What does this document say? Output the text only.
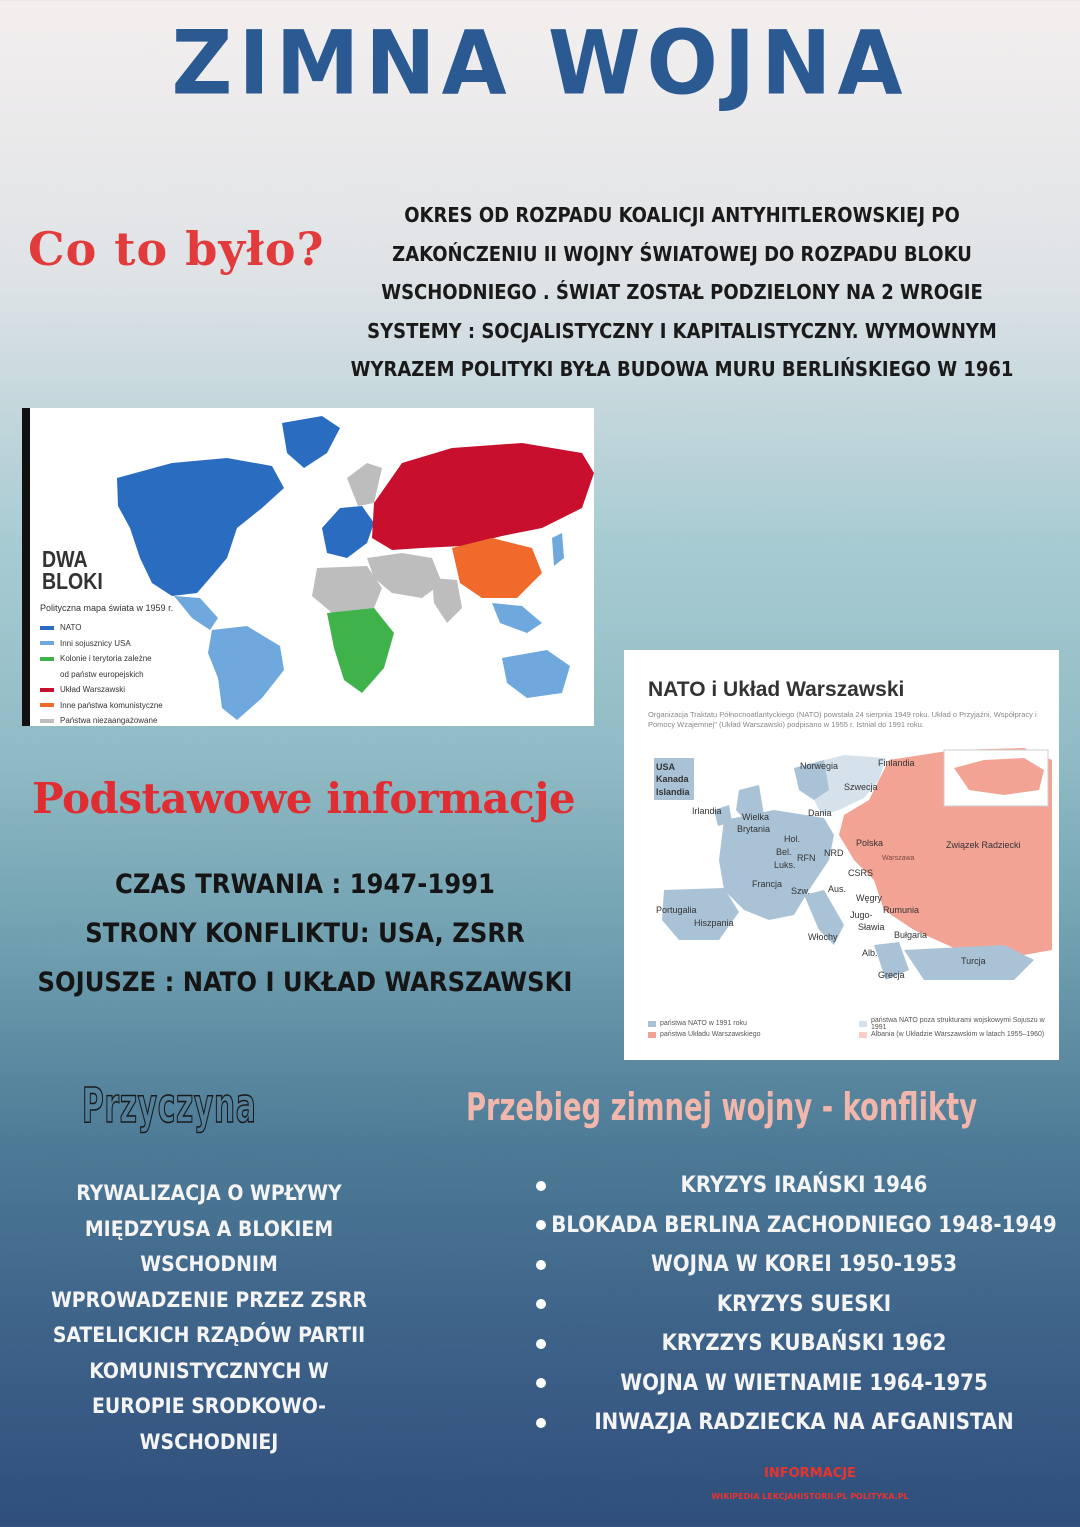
ZIMNA WOJNA
Co to było?
OKRES OD ROZPADU KOALICJI ANTYHITLEROWSKIEJ PO
ZAKOŃCZENIU II WOJNY ŚWIATOWEJ DO ROZPADU BLOKU
WSCHODNIEGO . ŚWIAT ZOSTAŁ PODZIELONY NA 2 WROGIE
SYSTEMY : SOCJALISTYCZNY I KAPITALISTYCZNY. WYMOWNYM
WYRAZEM POLITYKI BYŁA BUDOWA MURU BERLIŃSKIEGO W 1961
DWA
BLOKI
Polityczna mapa świata w 1959 r.
NATO
Inni sojusznicy USA
Kolonie i terytoria zależne
od państw europejskich
Układ Warszawski
Inne państwa komunistyczne
Państwa niezaangażowane
NATO i Układ Warszawski
Organizacja Traktatu Północnoatlantyckiego (NATO) powstała 24 sierpnia 1949 roku. Układ o Przyjaźni, Współpracy i Pomocy Wzajemnej" (Układ Warszawski) podpisano w 1955 r. Istniał do 1991 roku.
USA
Kanada
Islandia
Norwegia	Finlandia
Szwecja
Irlandia
Wielka
Brytania
Dania
Hol.
Bel.
Luks.
RFN NRD
Polska
Warszawa
Związek Radziecki
CSRS
Francja
Szw. Aus.
Węgry
Rumunia
Portugalia
Hiszpania
Jugo-
Sławia
Bułgaria
Włochy
Alb.
Grecja
Turcja
państwa NATO w 1991 roku	państwa NATO poza strukturami wojskowymi Sojuszu w 1991
państwa Układu Warszawskiego	Albania (w Układzie Warszawskim w latach 1955–1960)
Podstawowe informacje
CZAS TRWANIA : 1947-1991
STRONY KONFLIKTU: USA, ZSRR
SOJUSZE : NATO I UKŁAD WARSZAWSKI
Przyczyna
RYWALIZACJA O WPŁYWY
MIĘDZYUSA A BLOKIEM
WSCHODNIM
WPROWADZENIE PRZEZ ZSRR
SATELICKICH RZĄDÓW PARTII
KOMUNISTYCZNYCH W
EUROPIE SRODKOWO-
WSCHODNIEJ
Przebieg zimnej wojny - konflikty
KRYZYS IRAŃSKI 1946
BLOKADA BERLINA ZACHODNIEGO 1948-1949
WOJNA W KOREI 1950-1953
KRYZYS SUESKI
KRYZZYS KUBAŃSKI 1962
WOJNA W WIETNAMIE 1964-1975
INWAZJA RADZIECKA NA AFGANISTAN
INFORMACJE
WIKIPEDIA LEKCJAHISTORII.PL POLITYKA.PL
